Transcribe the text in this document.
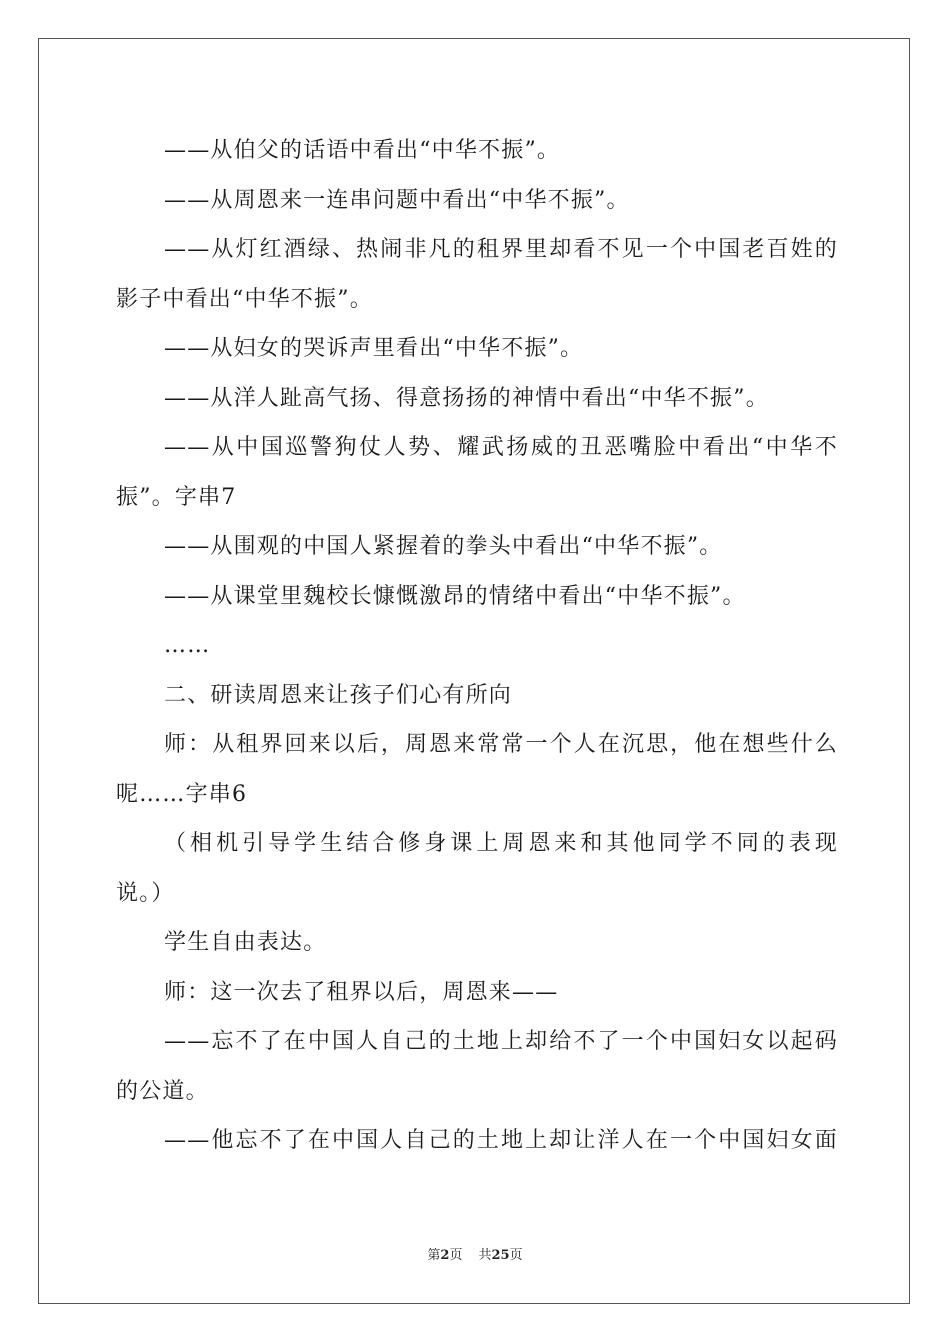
——从伯父的话语中看出“中华不振”。
——从周恩来一连串问题中看出“中华不振”。
——从灯红酒绿、热闹非凡的租界里却看不见一个中国老百姓的
影子中看出“中华不振”。
——从妇女的哭诉声里看出“中华不振”。
——从洋人趾高气扬、得意扬扬的神情中看出“中华不振”。
——从中国巡警狗仗人势、耀武扬威的丑恶嘴脸中看出“中华不
振”。字串7
——从围观的中国人紧握着的拳头中看出“中华不振”。
——从课堂里魏校长慷慨激昂的情绪中看出“中华不振”。
……
二、研读周恩来让孩子们心有所向
师：从租界回来以后，周恩来常常一个人在沉思，他在想些什么
呢……字串6
（相机引导学生结合修身课上周恩来和其他同学不同的表现
说。）
学生自由表达。
师：这一次去了租界以后，周恩来——
——忘不了在中国人自己的土地上却给不了一个中国妇女以起码
的公道。
——他忘不了在中国人自己的土地上却让洋人在一个中国妇女面
第2页 共25页
